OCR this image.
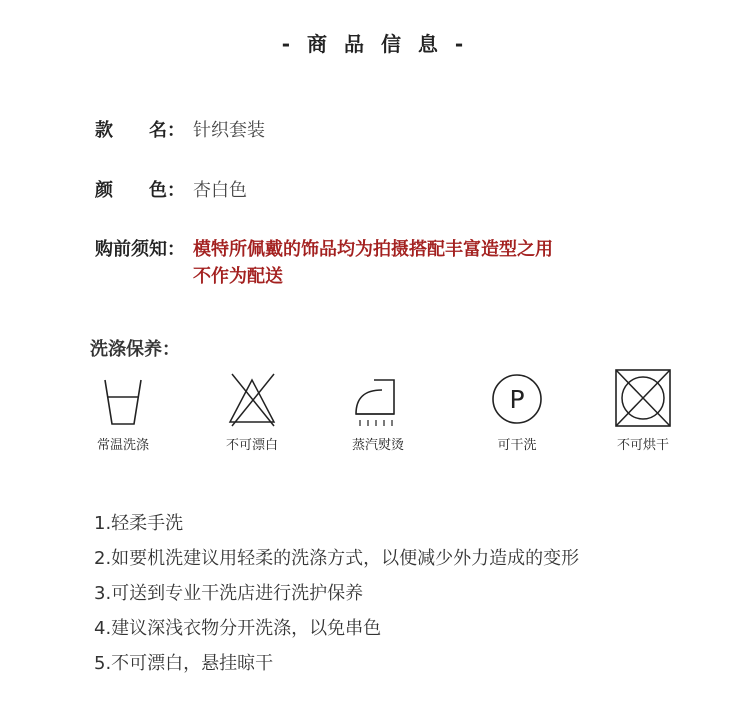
- 商 品 信 息 -
款　　名： 针织套装
颜　　色： 杏白色
购前须知： 模特所佩戴的饰品均为拍摄搭配丰富造型之用
不作为配送
洗涤保养：
常温洗涤	不可漂白	蒸汽熨烫
P
可干洗	不可烘干
1.轻柔手洗
2.如要机洗建议用轻柔的洗涤方式，以便减少外力造成的变形
3.可送到专业干洗店进行洗护保养
4.建议深浅衣物分开洗涤，以免串色
5.不可漂白，悬挂晾干
